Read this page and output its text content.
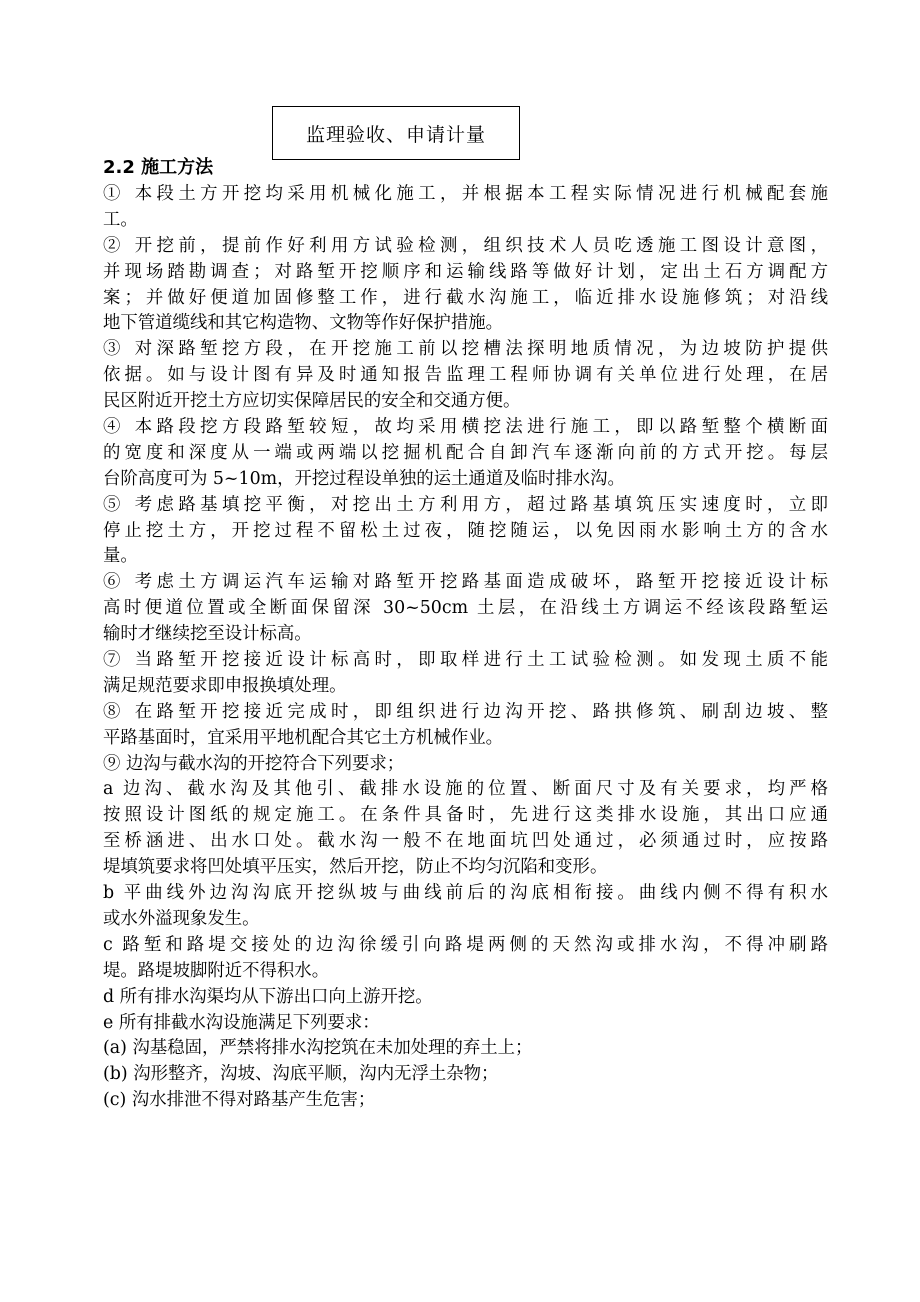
监理验收、申请计量
2.2 施工方法
① 本段土方开挖均采用机械化施工，并根据本工程实际情况进行机械配套施
工。
② 开挖前，提前作好利用方试验检测，组织技术人员吃透施工图设计意图，
并现场踏勘调查；对路堑开挖顺序和运输线路等做好计划，定出土石方调配方
案；并做好便道加固修整工作，进行截水沟施工，临近排水设施修筑；对沿线
地下管道缆线和其它构造物、文物等作好保护措施。
③ 对深路堑挖方段，在开挖施工前以挖槽法探明地质情况，为边坡防护提供
依据。如与设计图有异及时通知报告监理工程师协调有关单位进行处理，在居
民区附近开挖土方应切实保障居民的安全和交通方便。
④ 本路段挖方段路堑较短，故均采用横挖法进行施工，即以路堑整个横断面
的宽度和深度从一端或两端以挖掘机配合自卸汽车逐渐向前的方式开挖。每层
台阶高度可为 5~10m，开挖过程设单独的运土通道及临时排水沟。
⑤ 考虑路基填挖平衡，对挖出土方利用方，超过路基填筑压实速度时，立即
停止挖土方，开挖过程不留松土过夜，随挖随运，以免因雨水影响土方的含水
量。
⑥ 考虑土方调运汽车运输对路堑开挖路基面造成破坏，路堑开挖接近设计标
高时便道位置或全断面保留深 30~50cm 土层，在沿线土方调运不经该段路堑运
输时才继续挖至设计标高。
⑦ 当路堑开挖接近设计标高时，即取样进行土工试验检测。如发现土质不能
满足规范要求即申报换填处理。
⑧ 在路堑开挖接近完成时，即组织进行边沟开挖、路拱修筑、刷刮边坡、整
平路基面时，宜采用平地机配合其它土方机械作业。
⑨ 边沟与截水沟的开挖符合下列要求；
a 边沟、截水沟及其他引、截排水设施的位置、断面尺寸及有关要求，均严格
按照设计图纸的规定施工。在条件具备时，先进行这类排水设施，其出口应通
至桥涵进、出水口处。截水沟一般不在地面坑凹处通过，必须通过时，应按路
堤填筑要求将凹处填平压实，然后开挖，防止不均匀沉陷和变形。
b 平曲线外边沟沟底开挖纵坡与曲线前后的沟底相衔接。曲线内侧不得有积水
或水外溢现象发生。
c 路堑和路堤交接处的边沟徐缓引向路堤两侧的天然沟或排水沟，不得冲刷路
堤。路堤坡脚附近不得积水。
d 所有排水沟渠均从下游出口向上游开挖。
e 所有排截水沟设施满足下列要求：
(a) 沟基稳固，严禁将排水沟挖筑在未加处理的弃土上；
(b) 沟形整齐，沟坡、沟底平顺，沟内无浮土杂物；
(c) 沟水排泄不得对路基产生危害；
